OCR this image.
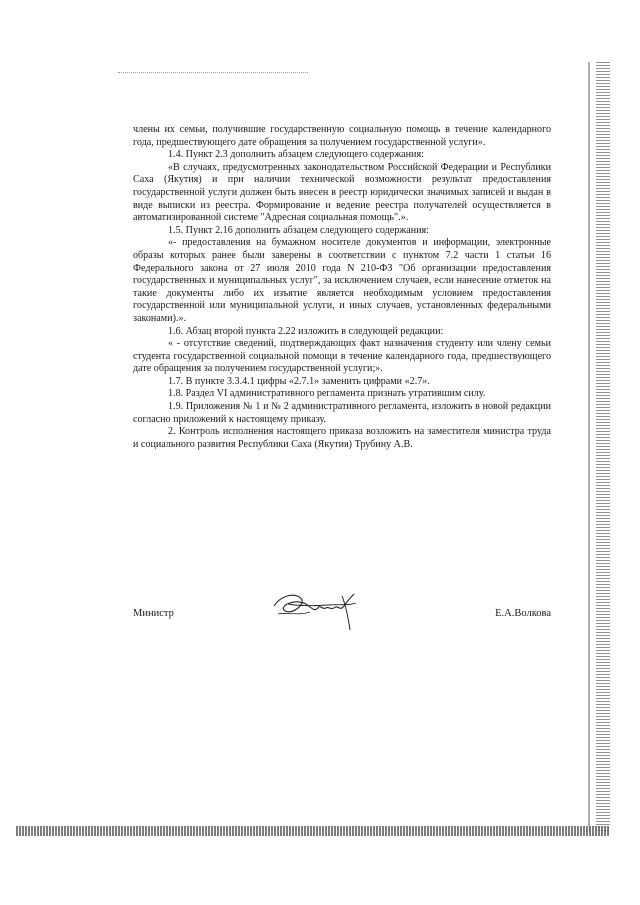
члены их семьи, получившие государственную социальную помощь в течение календарного года, предшествующего дате обращения за получением государственной услуги».

1.4. Пункт 2.3 дополнить абзацем следующего содержания:

«В случаях, предусмотренных законодательством Российской Федерации и Республики Саха (Якутия) и при наличии технической возможности результат предоставления государственной услуги должен быть внесен в реестр юридически значимых записей и выдан в виде выписки из реестра. Формирование и ведение реестра получателей осуществляется в автоматизированной системе "Адресная социальная помощь".».

1.5. Пункт 2.16 дополнить абзацем следующего содержания:

«- предоставления на бумажном носителе документов и информации, электронные образы которых ранее были заверены в соответствии с пунктом 7.2 части 1 статьи 16 Федерального закона от 27 июля 2010 года N 210-ФЗ "Об организации предоставления государственных и муниципальных услуг", за исключением случаев, если нанесение отметок на такие документы либо их изъятие является необходимым условием предоставления государственной или муниципальной услуги, и иных случаев, установленных федеральными законами).».

1.6. Абзац второй пункта 2.22 изложить в следующей редакции:

« - отсутствие сведений, подтверждающих факт назначения студенту или члену семьи студента государственной социальной помощи в течение календарного года, предшествующего дате обращения за получением государственной услуги;».

1.7. В пункте 3.3.4.1 цифры «2.7.1» заменить цифрами «2.7».

1.8. Раздел VI административного регламента признать утратившим силу.

1.9. Приложения № 1 и № 2 административного регламента, изложить в новой редакции согласно приложений к настоящему приказу.

2. Контроль исполнения настоящего приказа возложить на заместителя министра труда и социального развития Республики Саха (Якутия) Трубину А.В.

Министр	Е.А.Волкова
